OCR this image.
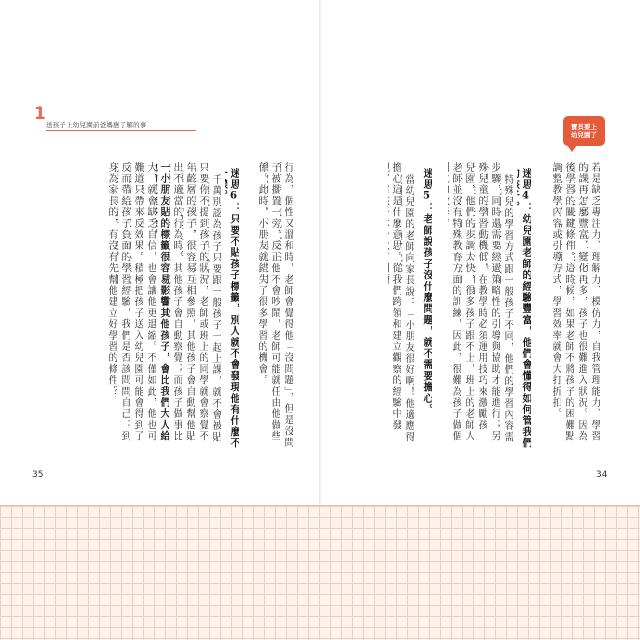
1
送孩子上幼兒園前爸媽應了解的事	寶貝要上
幼兒園了
若是缺乏專注力、理解力、模仿力，自我管理能力、學習
的課再怎麼豐富、變化再多，孩子也很難進入狀況。因為
後學習的關鍵條件。這時候，如果老師不將孩子的困難點
調整教學內容或引導方式，學習效率就會大打折扣。
迷思4：幼兒園老師的經驗豐富，他們會懂得如何管我們
特殊兒的學習方式跟一般孩子不同，他們的學習內容需
步驟，同時還需要經過策略性的引導與協助才能進行；另
殊兒童的學習動機低，在教學時必須運用技巧來激勵孩
兒園，他們的步調太快，很多孩子跟不上，班上的老師人
老師並沒有特殊教育方面的訓練，因此，很難為孩子做個
迷思5：老師說孩子沒什麼問題，就不需要擔心。
當幼兒園的老師向家長說：「小朋友很好啊！他適應得
擔心這是什麼意思。從我們跨領和建立觀察的經驗中發
行為，個性又溫和時，老師會覺得他「沒問題」，但是沒問
子被擱置一旁，反正他不會吵鬧，老師可能就任由他做些
係。此時，小朋友就錯失了很多學習的機會。
迷思6：只要不貼孩子標籤，別人就不會發現他有什麼不
千萬別認為孩子只要跟一般孩子一起上課，就不會被貼
只要你不提到孩子的狀況，老師或班上的同學就會察覺不
年齡層的孩子，很容易互相參照，其他孩子會自動幫他貼
出不適當的行為時，其他孩子會自動察覺；而孩子做事比
一小朋友貼的標籤很容易影響其他孩子，會比我們大人給
大，就會缺乏自信，也會讓他更退縮。不僅如此，他也可
難道只帶來反效果。積極把孩子送入幼兒園可能會得到了
反而帶給孩子負面的學習經驗，我們是否該問問自己：到
身為家長的，有沒有先幫他建立好學習的條件？
35	34
